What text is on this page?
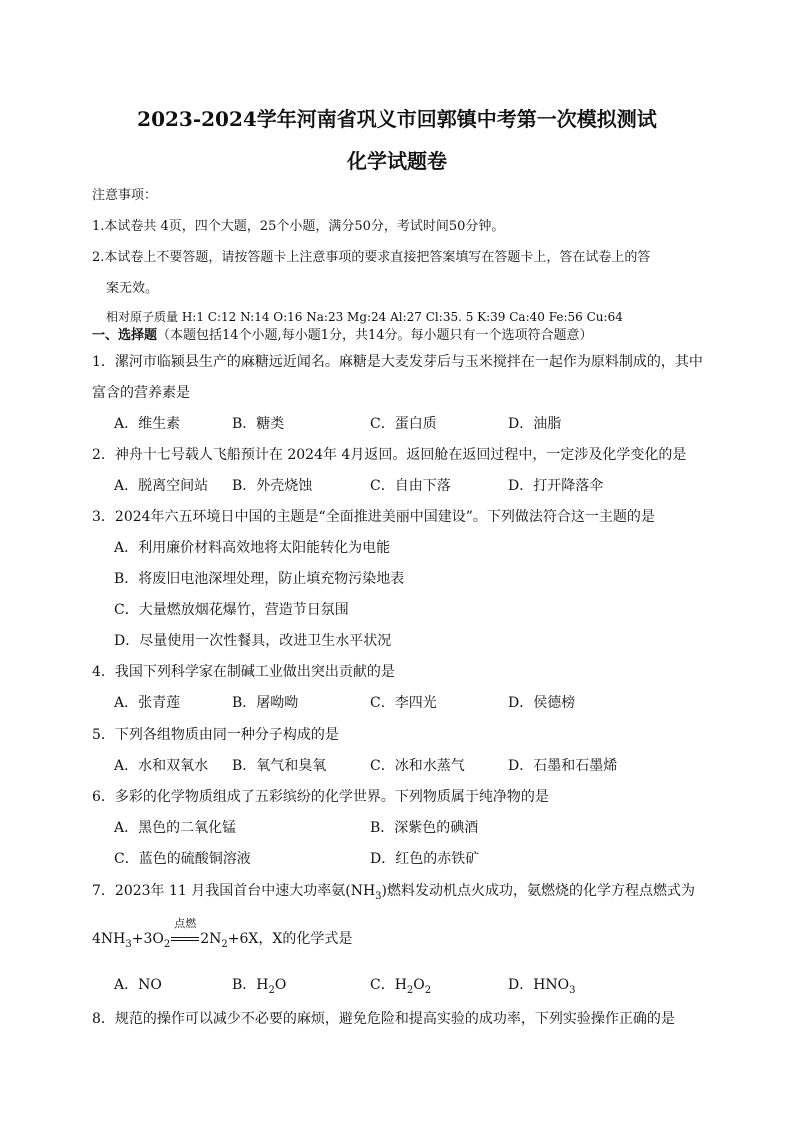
2023-2024学年河南省巩义市回郭镇中考第一次模拟测试
化学试题卷
注意事项：
1.本试卷共 4页，四个大题，25个小题，满分50分，考试时间50分钟。
2.本试卷上不要答题，请按答题卡上注意事项的要求直接把答案填写在答题卡上，答在试卷上的答
案无效。
相对原子质量 H:1 C:12 N:14 O:16 Na:23 Mg:24 Al:27 Cl:35. 5 K:39 Ca:40 Fe:56 Cu:64
一、选择题（本题包括14个小题,每小题1分，共14分。每小题只有一个选项符合题意）
1．漯河市临颍县生产的麻糖远近闻名。麻糖是大麦发芽后与玉米搅拌在一起作为原料制成的，其中
富含的营养素是
A．维生素	B．糖类	C．蛋白质	D．油脂
2．神舟十七号载人飞船预计在 2024年 4月返回。返回舱在返回过程中，一定涉及化学变化的是
A．脱离空间站 B．外壳烧蚀	C．自由下落	D．打开降落伞
3．2024年六五环境日中国的主题是“全面推进美丽中国建设”。下列做法符合这一主题的是
A．利用廉价材料高效地将太阳能转化为电能
B．将废旧电池深埋处理，防止填充物污染地表
C．大量燃放烟花爆竹，营造节日氛围
D．尽量使用一次性餐具，改进卫生水平状况
4．我国下列科学家在制碱工业做出突出贡献的是
A．张青莲	B．屠呦呦	C．李四光	D．侯德榜
5．下列各组物质由同一种分子构成的是
A．水和双氧水 B．氧气和臭氧	C．冰和水蒸气	D．石墨和石墨烯
6．多彩的化学物质组成了五彩缤纷的化学世界。下列物质属于纯净物的是
A．黑色的二氧化锰	B．深紫色的碘酒
C．蓝色的硫酸铜溶液	D．红色的赤铁矿
7．2023年 11 月我国首台中速大功率氨$(NH_3)$燃料发动机点火成功，氨燃烧的化学方程点燃式为
$4NH_3+3O_2$
点燃
$2N_2+6X$，X的化学式是
A．NO	B．$H_2O$	C．$H_2O_2$	D．$HNO_3$
8．规范的操作可以减少不必要的麻烦，避免危险和提高实验的成功率，下列实验操作正确的是
